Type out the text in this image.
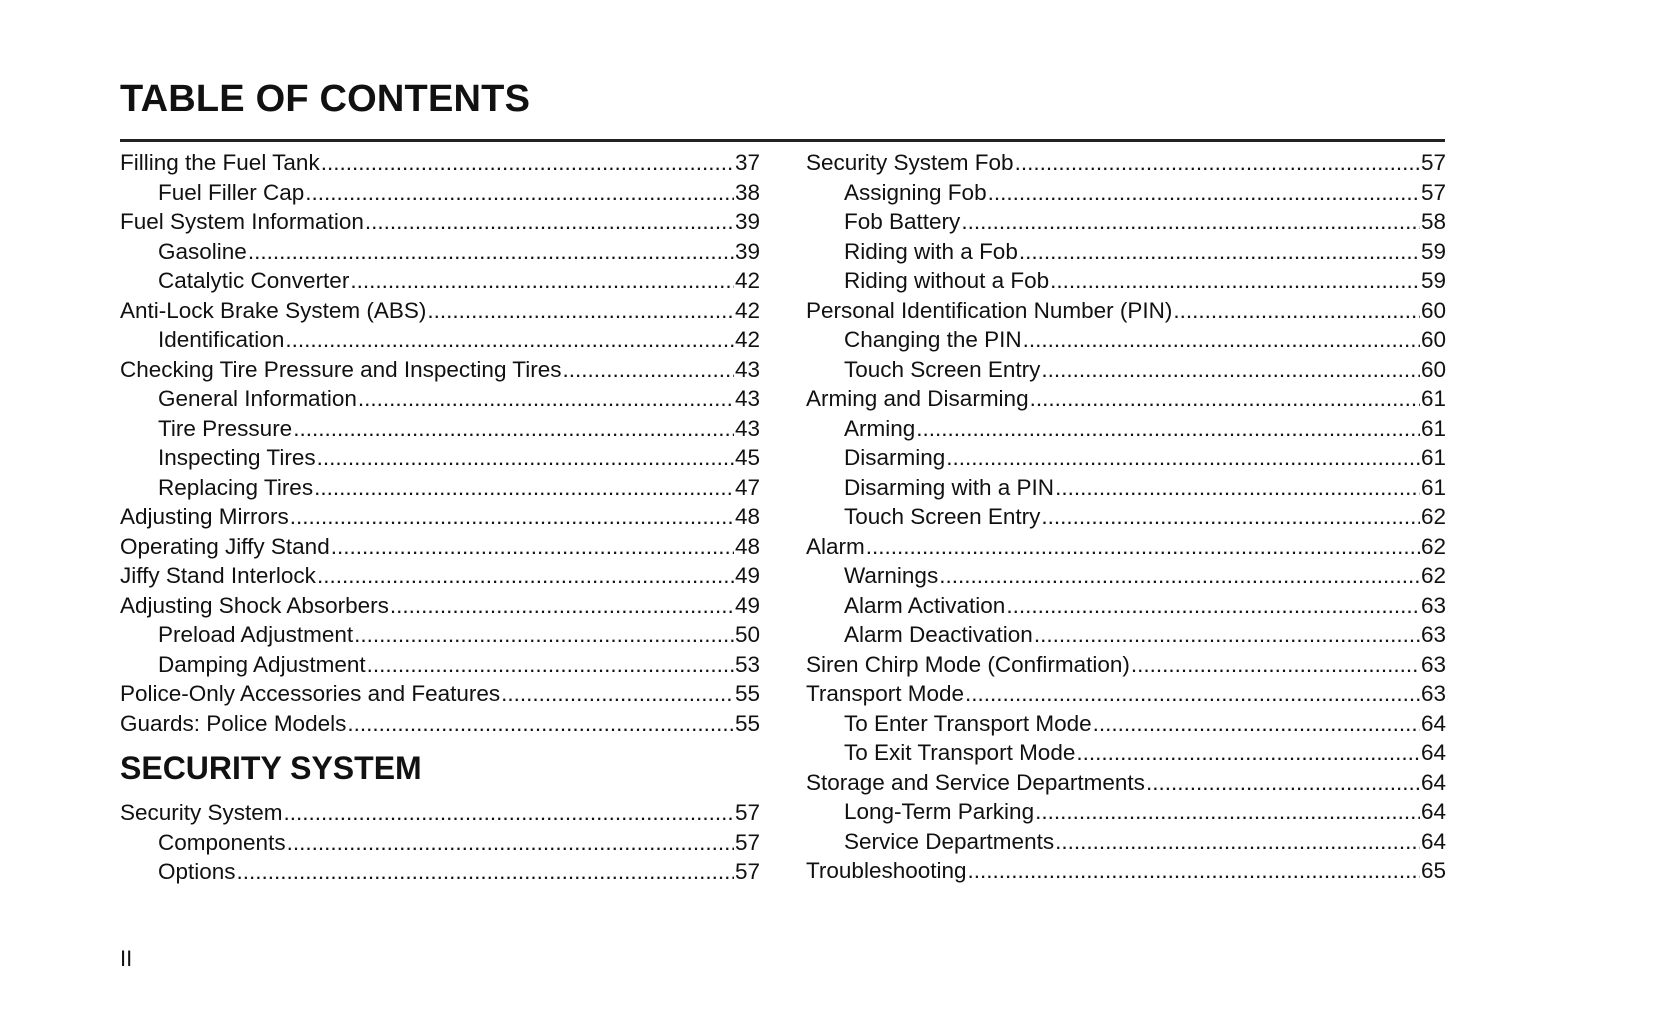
TABLE OF CONTENTS
Filling the Fuel Tank .....	37
Fuel Filler Cap .....	38
Fuel System Information .....	39
Gasoline .....	39
Catalytic Converter .....	42
Anti-Lock Brake System (ABS) .....	42
Identification .....	42
Checking Tire Pressure and Inspecting Tires .....	43
General Information .....	43
Tire Pressure .....	43
Inspecting Tires .....	45
Replacing Tires .....	47
Adjusting Mirrors .....	48
Operating Jiffy Stand .....	48
Jiffy Stand Interlock .....	49
Adjusting Shock Absorbers .....	49
Preload Adjustment .....	50
Damping Adjustment .....	53
Police-Only Accessories and Features .....	55
Guards: Police Models .....	55
SECURITY SYSTEM
Security System .....	57
Components .....	57
Options .....	57
Security System Fob .....	57
Assigning Fob .....	57
Fob Battery .....	58
Riding with a Fob .....	59
Riding without a Fob .....	59
Personal Identification Number (PIN) .....	60
Changing the PIN .....	60
Touch Screen Entry .....	60
Arming and Disarming .....	61
Arming .....	61
Disarming .....	61
Disarming with a PIN .....	61
Touch Screen Entry .....	62
Alarm .....	62
Warnings .....	62
Alarm Activation .....	63
Alarm Deactivation .....	63
Siren Chirp Mode (Confirmation) .....	63
Transport Mode .....	63
To Enter Transport Mode .....	64
To Exit Transport Mode .....	64
Storage and Service Departments .....	64
Long-Term Parking .....	64
Service Departments .....	64
Troubleshooting .....	65
II
